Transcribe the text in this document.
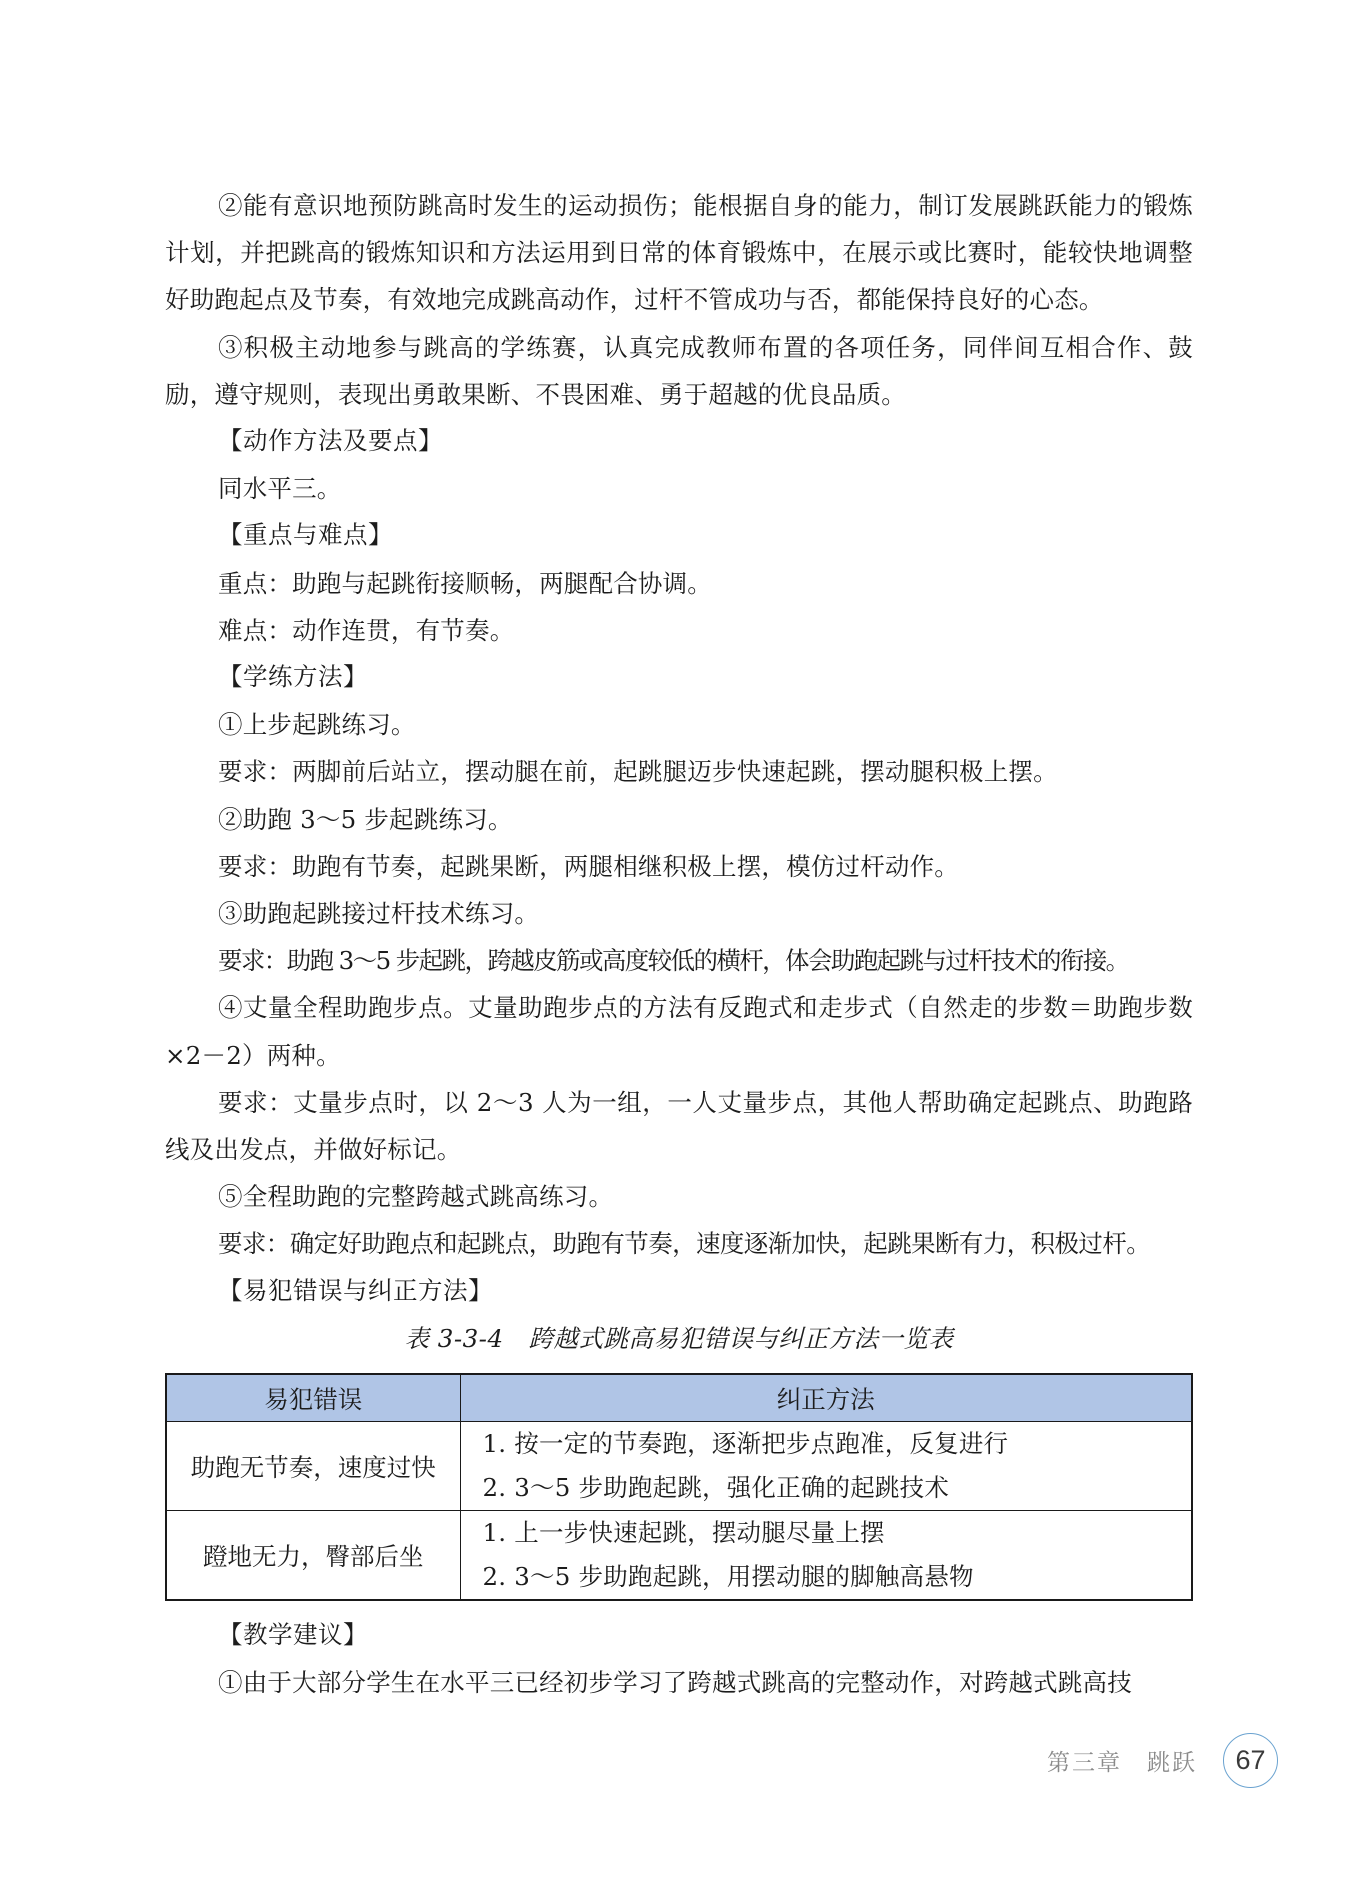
②能有意识地预防跳高时发生的运动损伤；能根据自身的能力，制订发展跳跃能力的锻炼计划，并把跳高的锻炼知识和方法运用到日常的体育锻炼中，在展示或比赛时，能较快地调整好助跑起点及节奏，有效地完成跳高动作，过杆不管成功与否，都能保持良好的心态。

③积极主动地参与跳高的学练赛，认真完成教师布置的各项任务，同伴间互相合作、鼓励，遵守规则，表现出勇敢果断、不畏困难、勇于超越的优良品质。

【动作方法及要点】

同水平三。

【重点与难点】

重点：助跑与起跳衔接顺畅，两腿配合协调。

难点：动作连贯，有节奏。

【学练方法】

①上步起跳练习。

要求：两脚前后站立，摆动腿在前，起跳腿迈步快速起跳，摆动腿积极上摆。

②助跑 3～5 步起跳练习。

要求：助跑有节奏，起跳果断，两腿相继积极上摆，模仿过杆动作。

③助跑起跳接过杆技术练习。

要求：助跑 3～5 步起跳，跨越皮筋或高度较低的横杆，体会助跑起跳与过杆技术的衔接。

④丈量全程助跑步点。丈量助跑步点的方法有反跑式和走步式（自然走的步数＝助跑步数×2－2）两种。

要求：丈量步点时，以 2～3 人为一组，一人丈量步点，其他人帮助确定起跳点、助跑路线及出发点，并做好标记。

⑤全程助跑的完整跨越式跳高练习。

要求：确定好助跑点和起跳点，助跑有节奏，速度逐渐加快，起跳果断有力，积极过杆。

【易犯错误与纠正方法】

表 3-3-4　跨越式跳高易犯错误与纠正方法一览表

易犯错误	纠正方法
助跑无节奏，速度过快	1. 按一定的节奏跑，逐渐把步点跑准，反复进行
2. 3～5 步助跑起跳，强化正确的起跳技术

蹬地无力，臀部后坐	1. 上一步快速起跳，摆动腿尽量上摆
2. 3～5 步助跑起跳，用摆动腿的脚触高悬物

【教学建议】

①由于大部分学生在水平三已经初步学习了跨越式跳高的完整动作，对跨越式跳高技

第三章　跳跃	67
